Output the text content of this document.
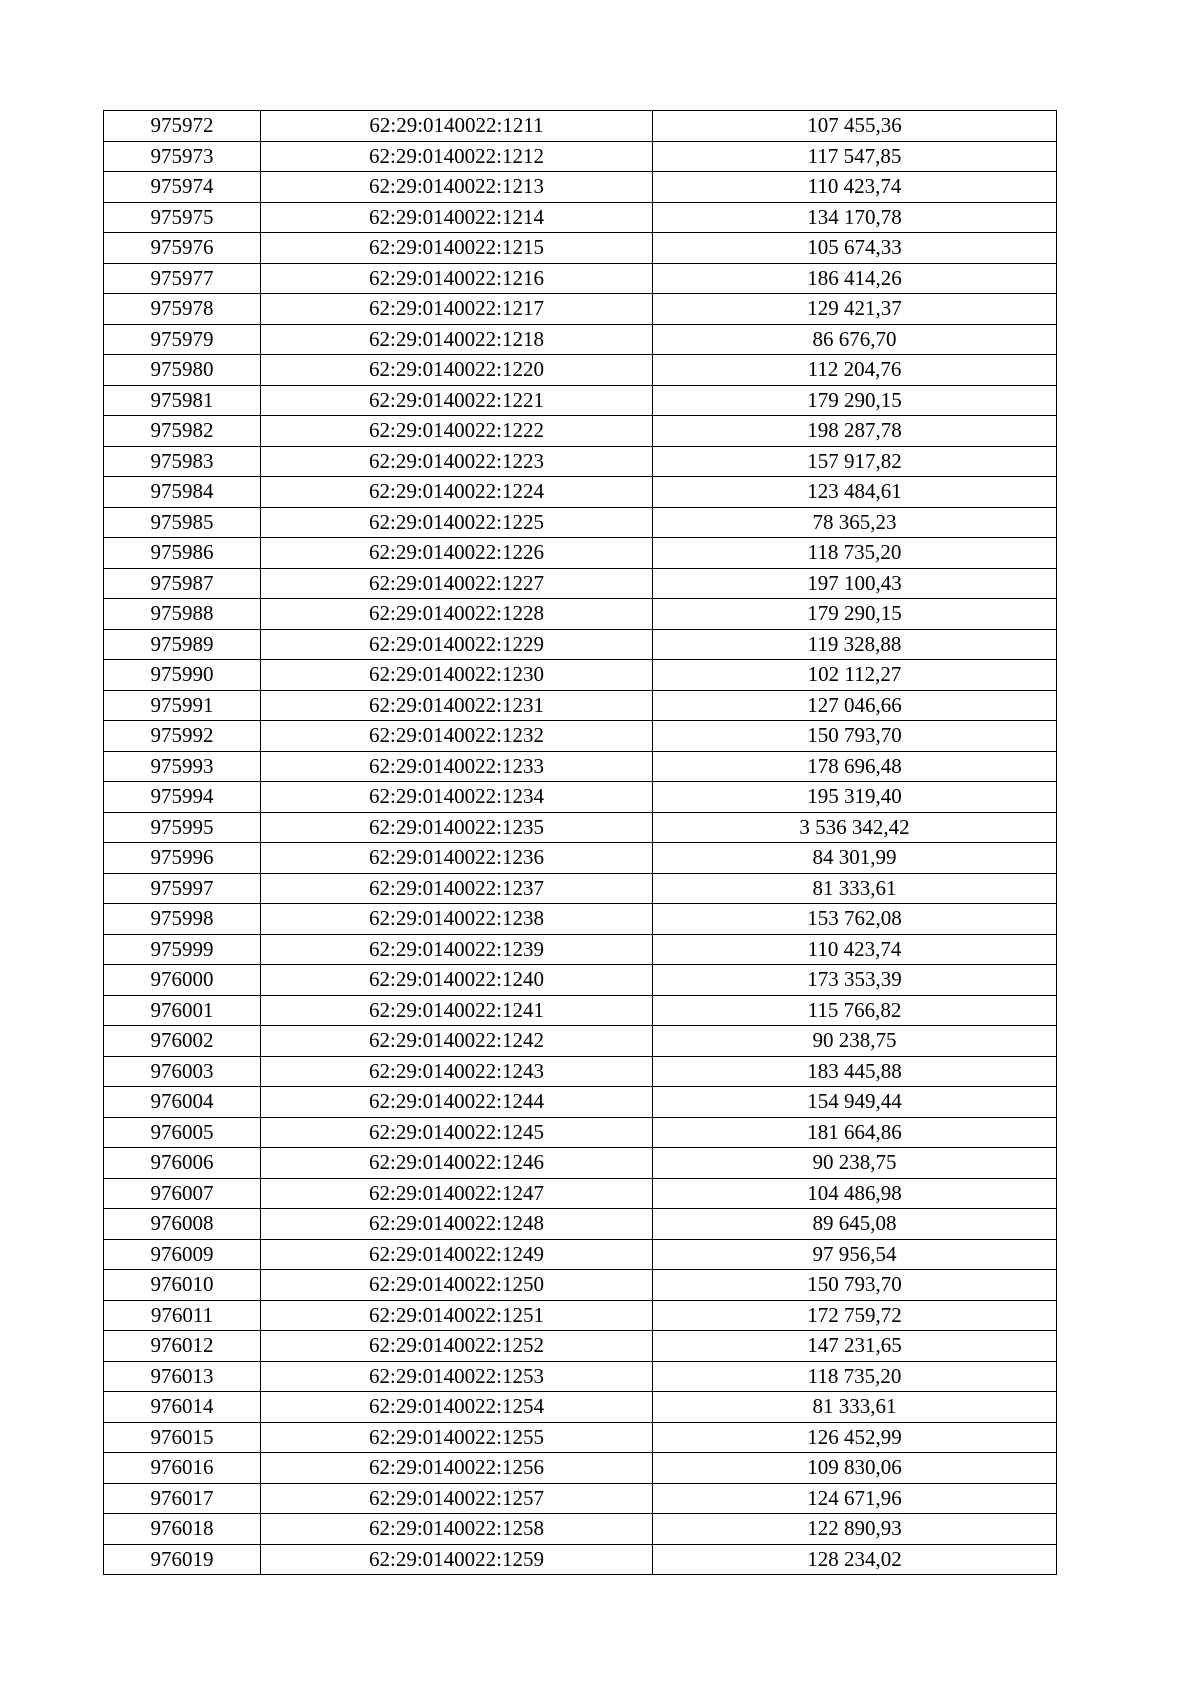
975972	62:29:0140022:1211	107 455,36
975973	62:29:0140022:1212	117 547,85
975974	62:29:0140022:1213	110 423,74
975975	62:29:0140022:1214	134 170,78
975976	62:29:0140022:1215	105 674,33
975977	62:29:0140022:1216	186 414,26
975978	62:29:0140022:1217	129 421,37
975979	62:29:0140022:1218	86 676,70
975980	62:29:0140022:1220	112 204,76
975981	62:29:0140022:1221	179 290,15
975982	62:29:0140022:1222	198 287,78
975983	62:29:0140022:1223	157 917,82
975984	62:29:0140022:1224	123 484,61
975985	62:29:0140022:1225	78 365,23
975986	62:29:0140022:1226	118 735,20
975987	62:29:0140022:1227	197 100,43
975988	62:29:0140022:1228	179 290,15
975989	62:29:0140022:1229	119 328,88
975990	62:29:0140022:1230	102 112,27
975991	62:29:0140022:1231	127 046,66
975992	62:29:0140022:1232	150 793,70
975993	62:29:0140022:1233	178 696,48
975994	62:29:0140022:1234	195 319,40
975995	62:29:0140022:1235	3 536 342,42
975996	62:29:0140022:1236	84 301,99
975997	62:29:0140022:1237	81 333,61
975998	62:29:0140022:1238	153 762,08
975999	62:29:0140022:1239	110 423,74
976000	62:29:0140022:1240	173 353,39
976001	62:29:0140022:1241	115 766,82
976002	62:29:0140022:1242	90 238,75
976003	62:29:0140022:1243	183 445,88
976004	62:29:0140022:1244	154 949,44
976005	62:29:0140022:1245	181 664,86
976006	62:29:0140022:1246	90 238,75
976007	62:29:0140022:1247	104 486,98
976008	62:29:0140022:1248	89 645,08
976009	62:29:0140022:1249	97 956,54
976010	62:29:0140022:1250	150 793,70
976011	62:29:0140022:1251	172 759,72
976012	62:29:0140022:1252	147 231,65
976013	62:29:0140022:1253	118 735,20
976014	62:29:0140022:1254	81 333,61
976015	62:29:0140022:1255	126 452,99
976016	62:29:0140022:1256	109 830,06
976017	62:29:0140022:1257	124 671,96
976018	62:29:0140022:1258	122 890,93
976019	62:29:0140022:1259	128 234,02
